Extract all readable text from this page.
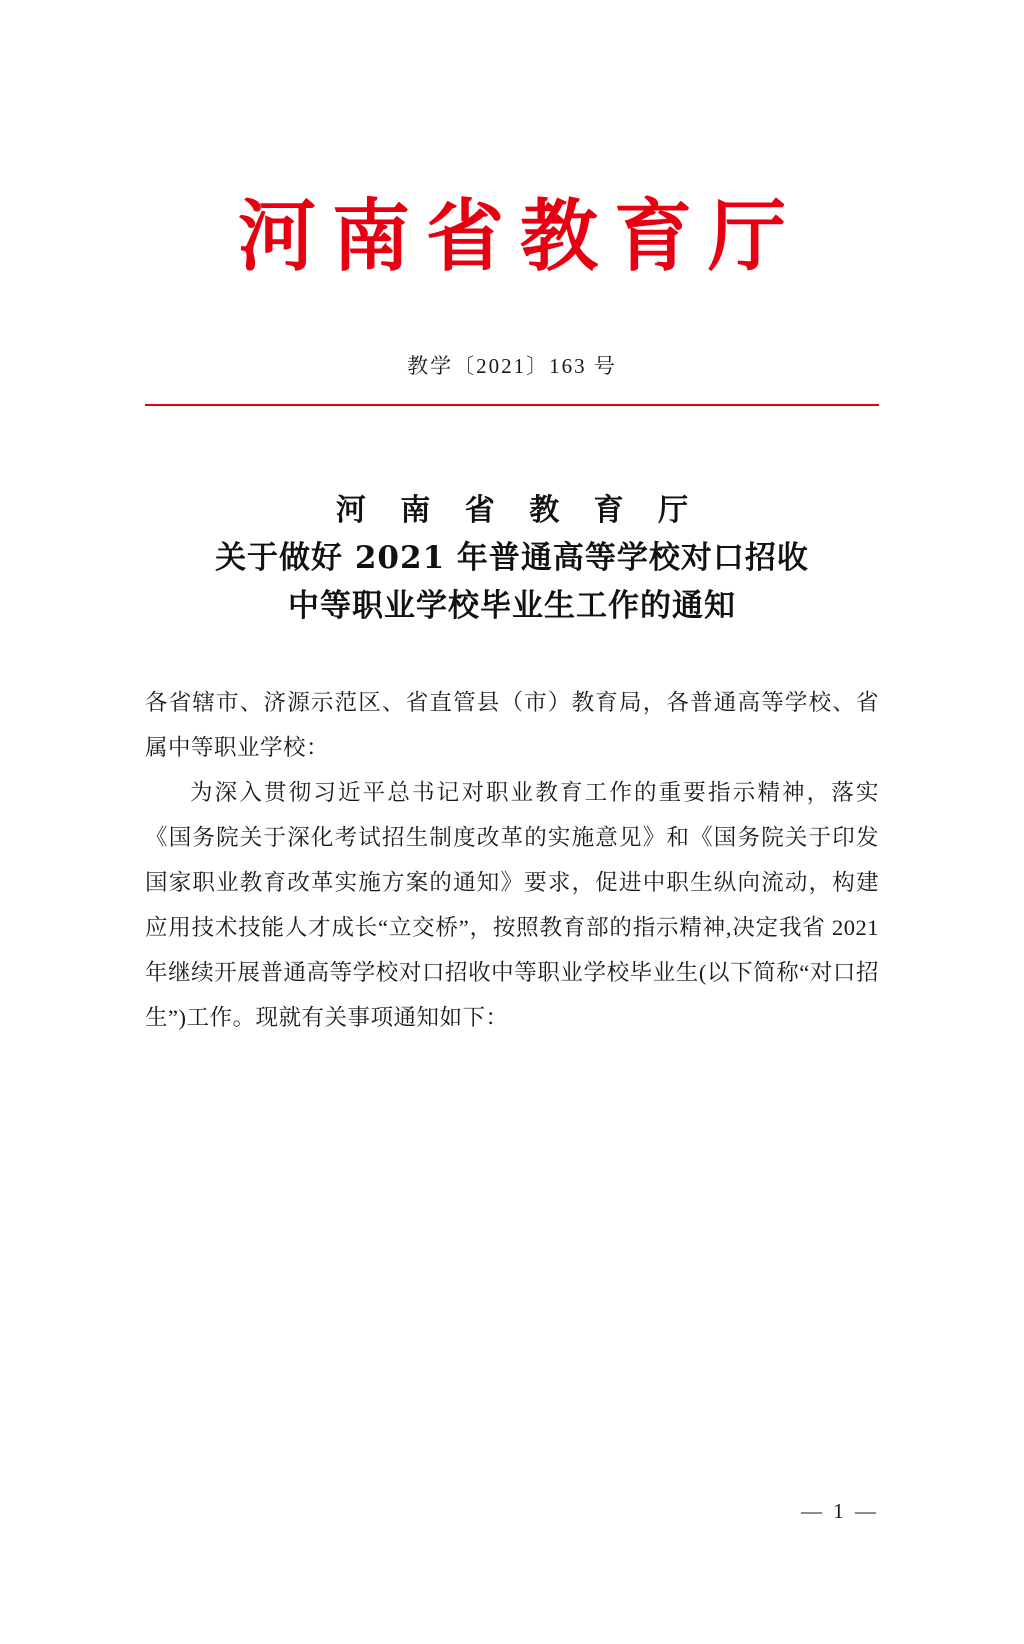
河南省教育厅
教学〔2021〕163 号
河 南 省 教 育 厅
关于做好 2021 年普通高等学校对口招收
中等职业学校毕业生工作的通知

各省辖市、济源示范区、省直管县（市）教育局，各普通高等学校、省属中等职业学校：

为深入贯彻习近平总书记对职业教育工作的重要指示精神，落实《国务院关于深化考试招生制度改革的实施意见》和《国务院关于印发国家职业教育改革实施方案的通知》要求，促进中职生纵向流动，构建应用技术技能人才成长“立交桥”，按照教育部的指示精神,决定我省 2021 年继续开展普通高等学校对口招收中等职业学校毕业生(以下简称“对口招生”)工作。现就有关事项通知如下：

— 1 —
